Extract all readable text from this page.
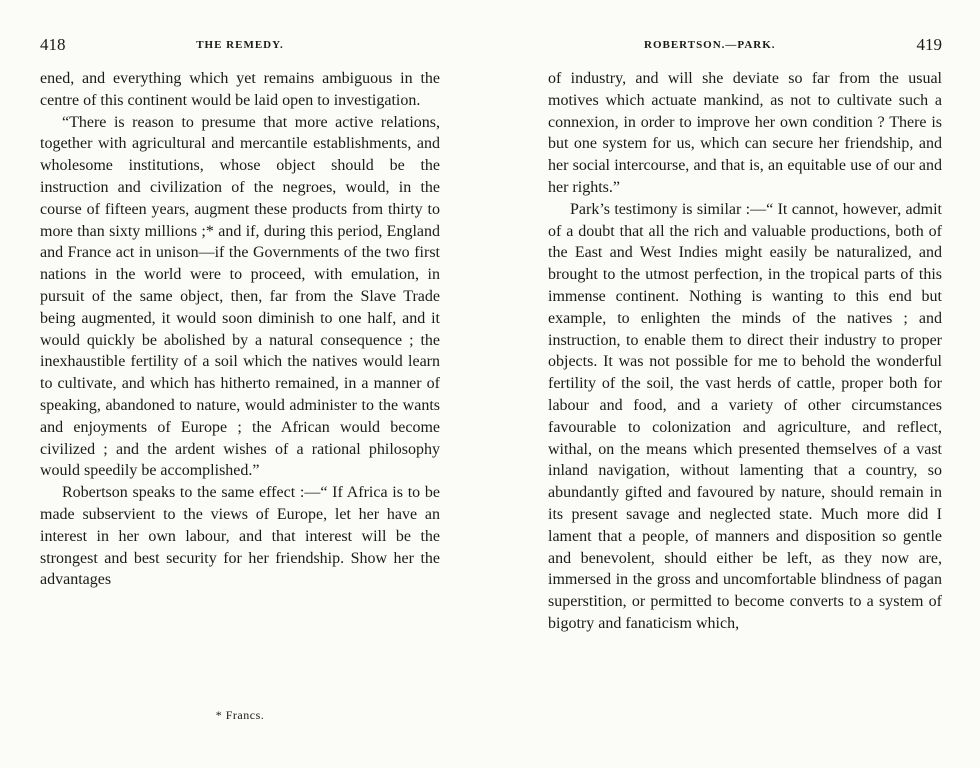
418	THE REMEDY.

ened, and everything which yet remains ambiguous in the centre of this continent would be laid open to investigation.

“There is reason to presume that more active relations, together with agricultural and mercantile establishments, and wholesome institutions, whose object should be the instruction and civilization of the negroes, would, in the course of fifteen years, augment these products from thirty to more than sixty millions ;* and if, during this period, England and France act in unison—if the Governments of the two first nations in the world were to proceed, with emulation, in pursuit of the same object, then, far from the Slave Trade being augmented, it would soon diminish to one half, and it would quickly be abolished by a natural consequence ; the inexhaustible fertility of a soil which the natives would learn to cultivate, and which has hitherto remained, in a manner of speaking, abandoned to nature, would administer to the wants and enjoyments of Europe ; the African would become civilized ; and the ardent wishes of a rational philosophy would speedily be accomplished.”

Robertson speaks to the same effect :—“ If Africa is to be made subservient to the views of Europe, let her have an interest in her own labour, and that interest will be the strongest and best security for her friendship. Show her the advantages

* Francs.
ROBERTSON.—PARK.	419

of industry, and will she deviate so far from the usual motives which actuate mankind, as not to cultivate such a connexion, in order to improve her own condition ? There is but one system for us, which can secure her friendship, and her social intercourse, and that is, an equitable use of our and her rights.”

Park’s testimony is similar :—“ It cannot, however, admit of a doubt that all the rich and valuable productions, both of the East and West Indies might easily be naturalized, and brought to the utmost perfection, in the tropical parts of this immense continent. Nothing is wanting to this end but example, to enlighten the minds of the natives ; and instruction, to enable them to direct their industry to proper objects. It was not possible for me to behold the wonderful fertility of the soil, the vast herds of cattle, proper both for labour and food, and a variety of other circumstances favourable to colonization and agriculture, and reflect, withal, on the means which presented themselves of a vast inland navigation, without lamenting that a country, so abundantly gifted and favoured by nature, should remain in its present savage and neglected state. Much more did I lament that a people, of manners and disposition so gentle and benevolent, should either be left, as they now are, immersed in the gross and uncomfortable blindness of pagan superstition, or permitted to become converts to a system of bigotry and fanaticism which,
